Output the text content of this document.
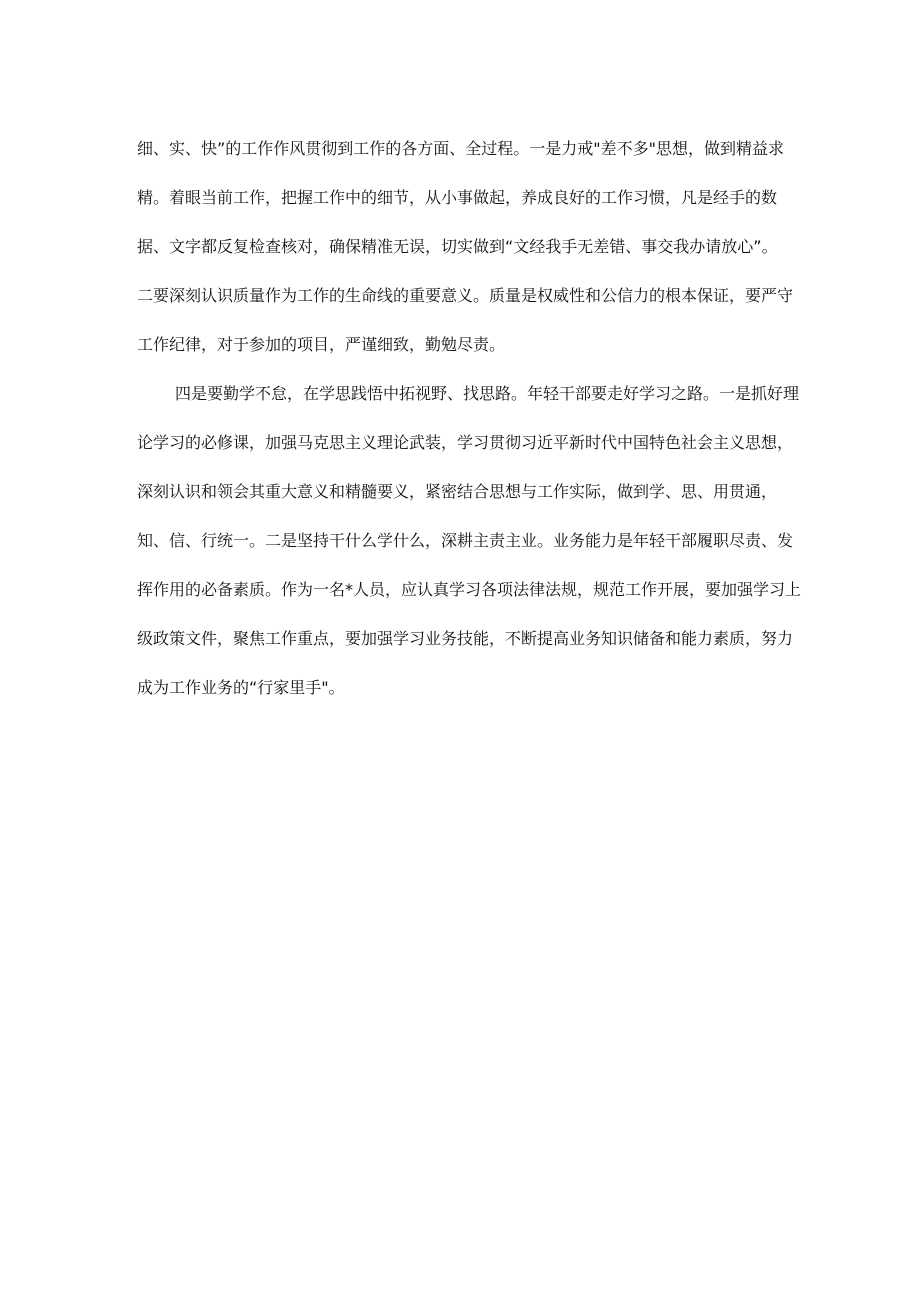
细、实、快”的工作作风贯彻到工作的各方面、全过程。一是力戒"差不多"思想，做到精益求
精。着眼当前工作，把握工作中的细节，从小事做起，养成良好的工作习惯，凡是经手的数
据、文字都反复检查核对，确保精准无误，切实做到“文经我手无差错、事交我办请放心”。
二要深刻认识质量作为工作的生命线的重要意义。质量是权威性和公信力的根本保证，要严守
工作纪律，对于参加的项目，严谨细致，勤勉尽责。
四是要勤学不怠，在学思践悟中拓视野、找思路。年轻干部要走好学习之路。一是抓好理
论学习的必修课，加强马克思主义理论武装，学习贯彻习近平新时代中国特色社会主义思想，
深刻认识和领会其重大意义和精髓要义，紧密结合思想与工作实际，做到学、思、用贯通，
知、信、行统一。二是坚持干什么学什么，深耕主责主业。业务能力是年轻干部履职尽责、发
挥作用的必备素质。作为一名*人员，应认真学习各项法律法规，规范工作开展，要加强学习上
级政策文件，聚焦工作重点，要加强学习业务技能，不断提高业务知识储备和能力素质，努力
成为工作业务的“行家里手"。
